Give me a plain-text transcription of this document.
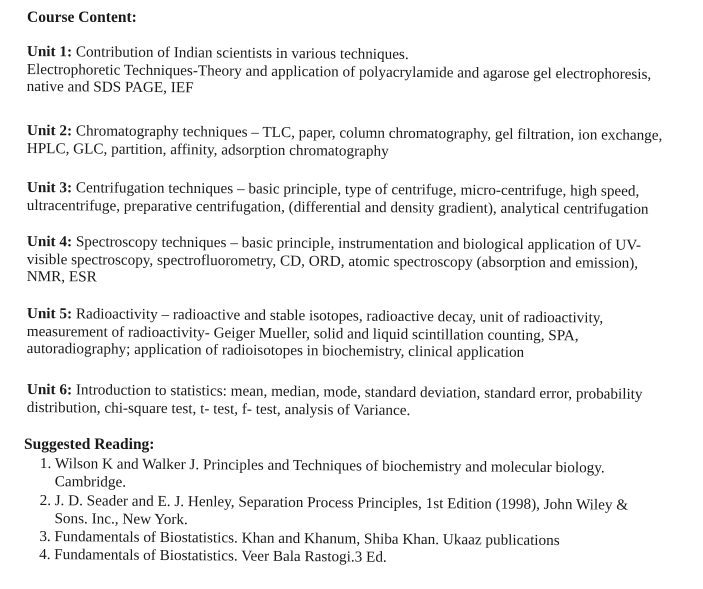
Course Content:
Unit 1: Contribution of Indian scientists in various techniques.
Electrophoretic Techniques-Theory and application of polyacrylamide and agarose gel electrophoresis,
native and SDS PAGE, IEF
Unit 2: Chromatography techniques – TLC, paper, column chromatography, gel filtration, ion exchange,
HPLC, GLC, partition, affinity, adsorption chromatography
Unit 3: Centrifugation techniques – basic principle, type of centrifuge, micro-centrifuge, high speed,
ultracentrifuge, preparative centrifugation, (differential and density gradient), analytical centrifugation
Unit 4: Spectroscopy techniques – basic principle, instrumentation and biological application of UV-
visible spectroscopy, spectrofluorometry, CD, ORD, atomic spectroscopy (absorption and emission),
NMR, ESR
Unit 5: Radioactivity – radioactive and stable isotopes, radioactive decay, unit of radioactivity,
measurement of radioactivity- Geiger Mueller, solid and liquid scintillation counting, SPA,
autoradiography; application of radioisotopes in biochemistry, clinical application
Unit 6: Introduction to statistics: mean, median, mode, standard deviation, standard error, probability
distribution, chi-square test, t- test, f- test, analysis of Variance.
Suggested Reading:
1. Wilson K and Walker J. Principles and Techniques of biochemistry and molecular biology.
Cambridge.
2. J. D. Seader and E. J. Henley, Separation Process Principles, 1st Edition (1998), John Wiley &
Sons. Inc., New York.
3. Fundamentals of Biostatistics. Khan and Khanum, Shiba Khan. Ukaaz publications
4. Fundamentals of Biostatistics. Veer Bala Rastogi.3 Ed.
